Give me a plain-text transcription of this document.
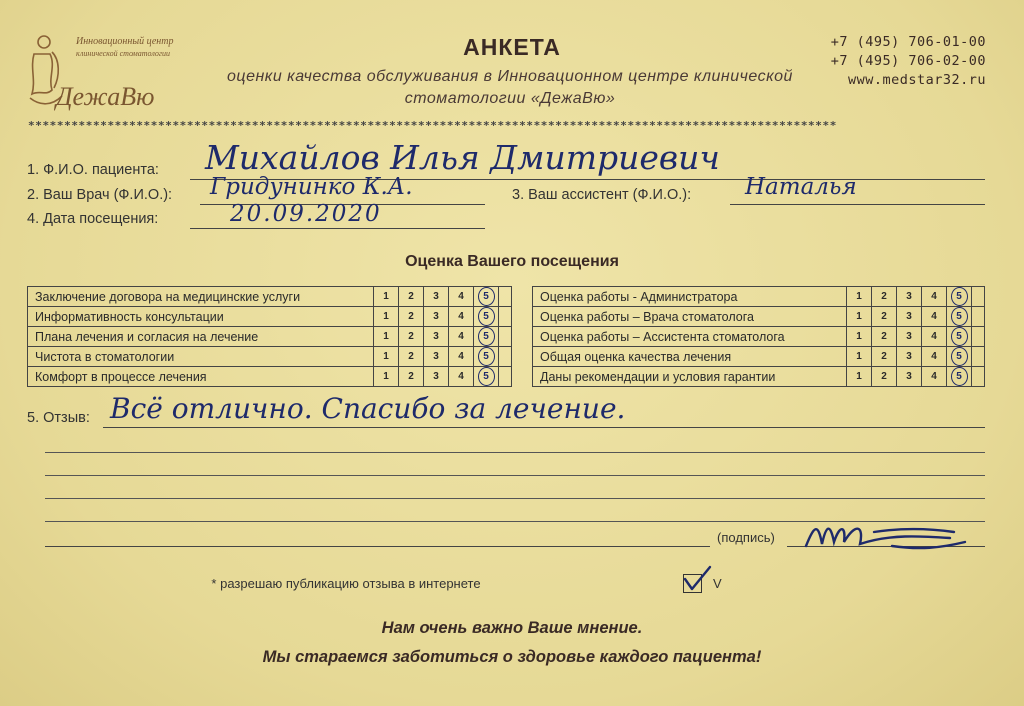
Инновационный центр
клинической стоматологии
ДежаВю
АНКЕТА
оценки качества обслуживания в Инновационном центре клинической стоматологии «ДежаВю»
+7 (495) 706-01-00
+7 (495) 706-02-00
www.medstar32.ru
****************************************************************************************************************
1. Ф.И.О. пациента: Михайлов Илья Дмитриевич
2. Ваш Врач (Ф.И.О.): Гридунинко К.А.	3. Ваш ассистент (Ф.И.О.): Наталья
4. Дата посещения:	20.09.2020
Оценка Вашего посещения
Заключение договора на медицинские услуги	1	2	3	4	5	
Информативность консультации	1	2	3	4	5	
Плана лечения и согласия на лечение	1	2	3	4	5	
Чистота в стоматологии	1	2	3	4	5	
Комфорт в процессе лечения	1	2	3	4	5	
Оценка работы - Администратора	1	2	3	4	5	
Оценка работы – Врача стоматолога	1	2	3	4	5	
Оценка работы – Ассистента стоматолога	1	2	3	4	5	
Общая оценка качества лечения	1	2	3	4	5	
Даны рекомендации и условия гарантии	1	2	3	4	5	
5. Отзыв: Всё отлично. Спасибо за лечение.
(подпись)
* разрешаю публикацию отзыва в интернете	V
Нам очень важно Ваше мнение.
Мы стараемся заботиться о здоровье каждого пациента!
